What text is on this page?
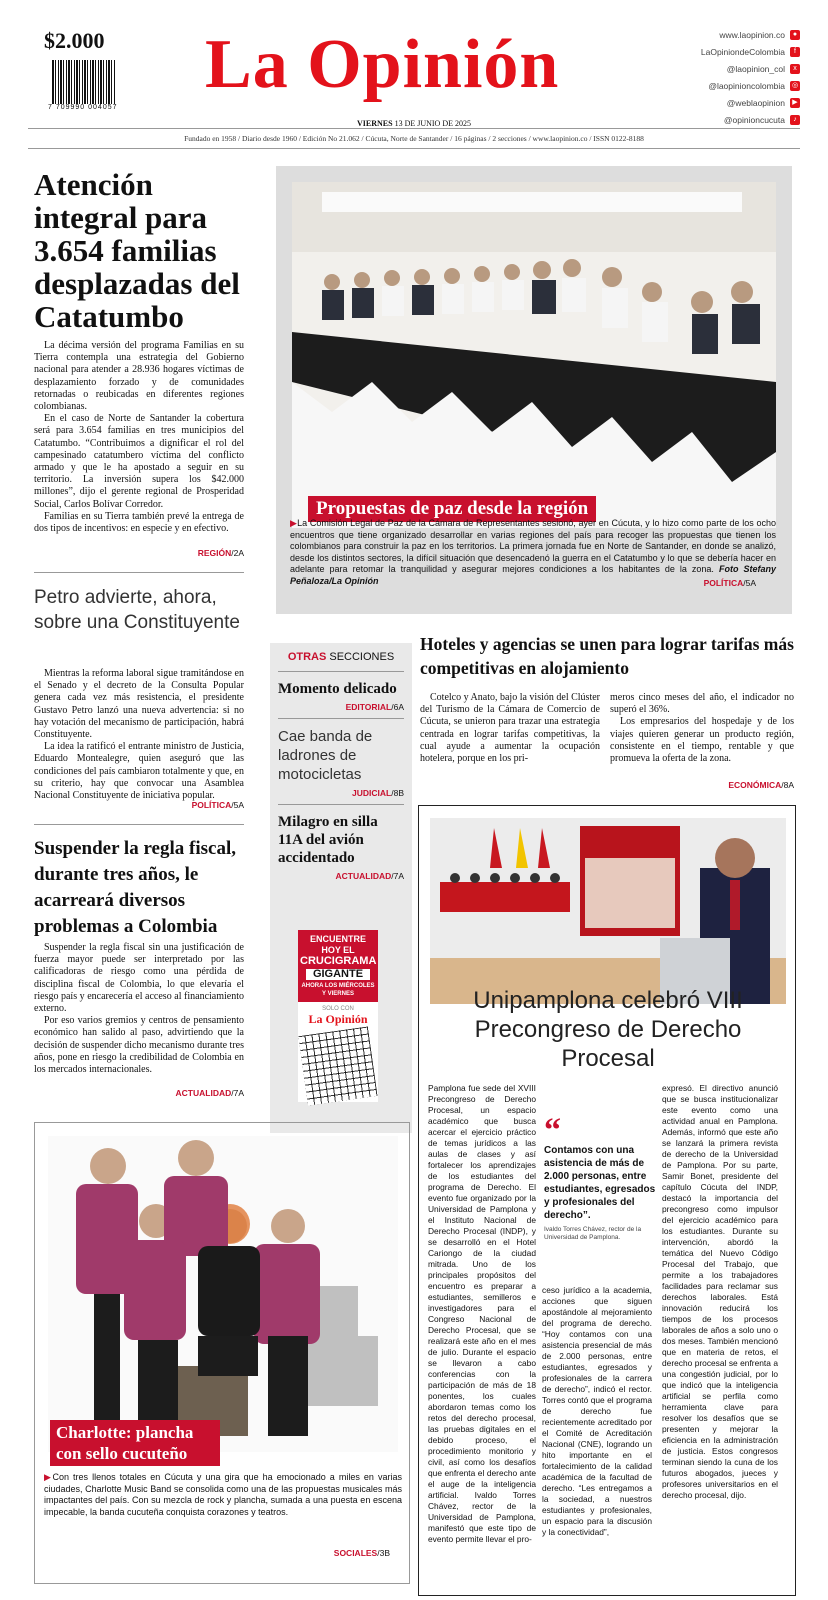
$2.000
7 709990 004057
La Opinión
VIERNES 13 DE JUNIO DE 2025
www.laopinion.co	●
LaOpiniondeColombia	f
@laopinion_col	x
@laopinioncolombia ◎
@weblaopinion	▶
@opinioncucuta	♪
Fundado en 1958 / Diario desde 1960 / Edición No 21.062 / Cúcuta, Norte de Santander / 16 páginas / 2 secciones / www.laopinion.co / ISSN 0122-8188
Atención integral para 3.654 familias desplazadas del Catatumbo

La décima versión del programa Familias en su Tierra contempla una estrategia del Gobierno nacional para atender a 28.936 hogares víctimas de desplazamiento forzado y de comunidades retornadas o reubicadas en diferentes regiones colombianas.

En el caso de Norte de Santander la cobertura será para 3.654 familias en tres municipios del Catatumbo. “Contribuimos a dignificar el rol del campesinado catatumbero víctima del conflicto armado y que le ha apostado a seguir en su territorio. La inversión supera los $42.000 millones”, dijo el gerente regional de Prosperidad Social, Carlos Bolívar Corredor.

Familias en su Tierra también prevé la entrega de dos tipos de incentivos: en especie y en efectivo.

REGIÓN/2A
Propuestas de paz desde la región
▶La Comisión Legal de Paz de la Cámara de Representantes sesionó, ayer en Cúcuta, y lo hizo como parte de los ocho encuentros que tiene organizado desarrollar en varias regiones del país para recoger las propuestas que tienen los colombianos para construir la paz en los territorios. La primera jornada fue en Norte de Santander, en donde se analizó, desde los distintos sectores, la difícil situación que desencadenó la guerra en el Catatumbo y lo que se debería hacer en adelante para retomar la tranquilidad y asegurar mejores condiciones a los habitantes de la zona. Foto Stefany Peñaloza/La Opinión	POLÍTICA/5A
Petro advierte, ahora, sobre una Constituyente

Mientras la reforma laboral sigue tramitándose en el Senado y el decreto de la Consulta Popular genera cada vez más resistencia, el presidente Gustavo Petro lanzó una nueva advertencia: si no hay votación del mecanismo de participación, habrá Constituyente.

La idea la ratificó el entrante ministro de Justicia, Eduardo Montealegre, quien aseguró que las condiciones del país cambiaron totalmente y que, en su criterio, hay que convocar una Asamblea Nacional Constituyente de iniciativa popular.

POLÍTICA/5A
Suspender la regla fiscal, durante tres años, le acarreará diversos problemas a Colombia

Suspender la regla fiscal sin una justificación de fuerza mayor puede ser interpretado por las calificadoras de riesgo como una pérdida de disciplina fiscal de Colombia, lo que elevaría el riesgo país y encarecería el acceso al financiamiento externo.

Por eso varios gremios y centros de pensamiento económico han salido al paso, advirtiendo que la decisión de suspender dicho mecanismo durante tres años, pone en riesgo la credibilidad de Colombia en los mercados internacionales.

ACTUALIDAD/7A
OTRAS SECCIONES
Momento delicado
EDITORIAL/6A
Cae banda de ladrones de motocicletas
JUDICIAL/8B
Milagro en silla 11A del avión accidentado
ACTUALIDAD/7A
ENCUENTRE HOY EL
CRUCIGRAMA
GIGANTE
AHORA LOS MIÉRCOLES Y VIERNES
SOLO CON
La Opinión
Hoteles y agencias se unen para lograr tarifas más competitivas en alojamiento

Cotelco y Anato, bajo la visión del Clúster del Turismo de la Cámara de Comercio de Cúcuta, se unieron para trazar una estrategia centrada en lograr tarifas competitivas, la cual ayude a aumentar la ocupación hotelera, porque en los pri-

meros cinco meses del año, el indicador no superó el 36%.

Los empresarios del hospedaje y de los viajes quieren generar un producto región, consistente en el tiempo, rentable y que promueva la oferta de la zona.

ECONÓMICA/8A
Unipamplona celebró VIII Precongreso de Derecho Procesal
Pamplona fue sede del XVIII Precongreso de Derecho Procesal, un espacio académico que busca acercar el ejercicio práctico de temas jurídicos a las aulas de clases y así fortalecer los aprendizajes de los estudiantes del programa de Derecho. El evento fue organizado por la Universidad de Pamplona y el Instituto Nacional de Derecho Procesal (INDP), y se desarrolló en el Hotel Cariongo de la ciudad mitrada. Uno de los principales propósitos del encuentro es preparar a estudiantes, semilleros e investigadores para el Congreso Nacional de Derecho Procesal, que se realizará este año en el mes de julio. Durante el espacio se llevaron a cabo conferencias con la participación de más de 18 ponentes, los cuales abordaron temas como los retos del derecho procesal, las pruebas digitales en el debido proceso, el procedimiento monitorio y civil, así como los desafíos que enfrenta el derecho ante el auge de la inteligencia artificial. Ivaldo Torres Chávez, rector de la Universidad de Pamplona, manifestó que este tipo de evento permite llevar el pro-
“
Contamos con una asistencia de más de 2.000 personas, entre estudiantes, egresados y profesionales del derecho”.
Ivaldo Torres Chávez, rector de la Universidad de Pamplona.
ceso jurídico a la academia, acciones que siguen apostándole al mejoramiento del programa de derecho. “Hoy contamos con una asistencia presencial de más de 2.000 personas, entre estudiantes, egresados y profesionales de la carrera de derecho”, indicó el rector. Torres contó que el programa de derecho fue recientemente acreditado por el Comité de Acreditación Nacional (CNE), logrando un hito importante en el fortalecimiento de la calidad académica de la facultad de derecho. “Les entregamos a la sociedad, a nuestros estudiantes y profesionales, un espacio para la discusión y la conectividad”,
expresó. El directivo anunció que se busca institucionalizar este evento como una actividad anual en Pamplona. Además, informó que este año se lanzará la primera revista de derecho de la Universidad de Pamplona. Por su parte, Samir Bonet, presidente del capítulo Cúcuta del INDP, destacó la importancia del precongreso como impulsor del ejercicio académico para los estudiantes. Durante su intervención, abordó la temática del Nuevo Código Procesal del Trabajo, que permite a los trabajadores facilidades para reclamar sus derechos laborales. Está innovación reducirá los tiempos de los procesos laborales de años a solo uno o dos meses. También mencionó que en materia de retos, el derecho procesal se enfrenta a una congestión judicial, por lo que indicó que la inteligencia artificial se perfila como herramienta clave para resolver los desafíos que se presenten y mejorar la eficiencia en la administración de justicia. Estos congresos terminan siendo la cuna de los futuros abogados, jueces y profesores universitarios en el derecho procesal, dijo.
Charlotte: plancha con sello cucuteño
▶Con tres llenos totales en Cúcuta y una gira que ha emocionado a miles en varias ciudades, Charlotte Music Band se consolida como una de las propuestas musicales más impactantes del país. Con su mezcla de rock y plancha, sumada a una puesta en escena impecable, la banda cucuteña conquista corazones y teatros.
SOCIALES/3B
